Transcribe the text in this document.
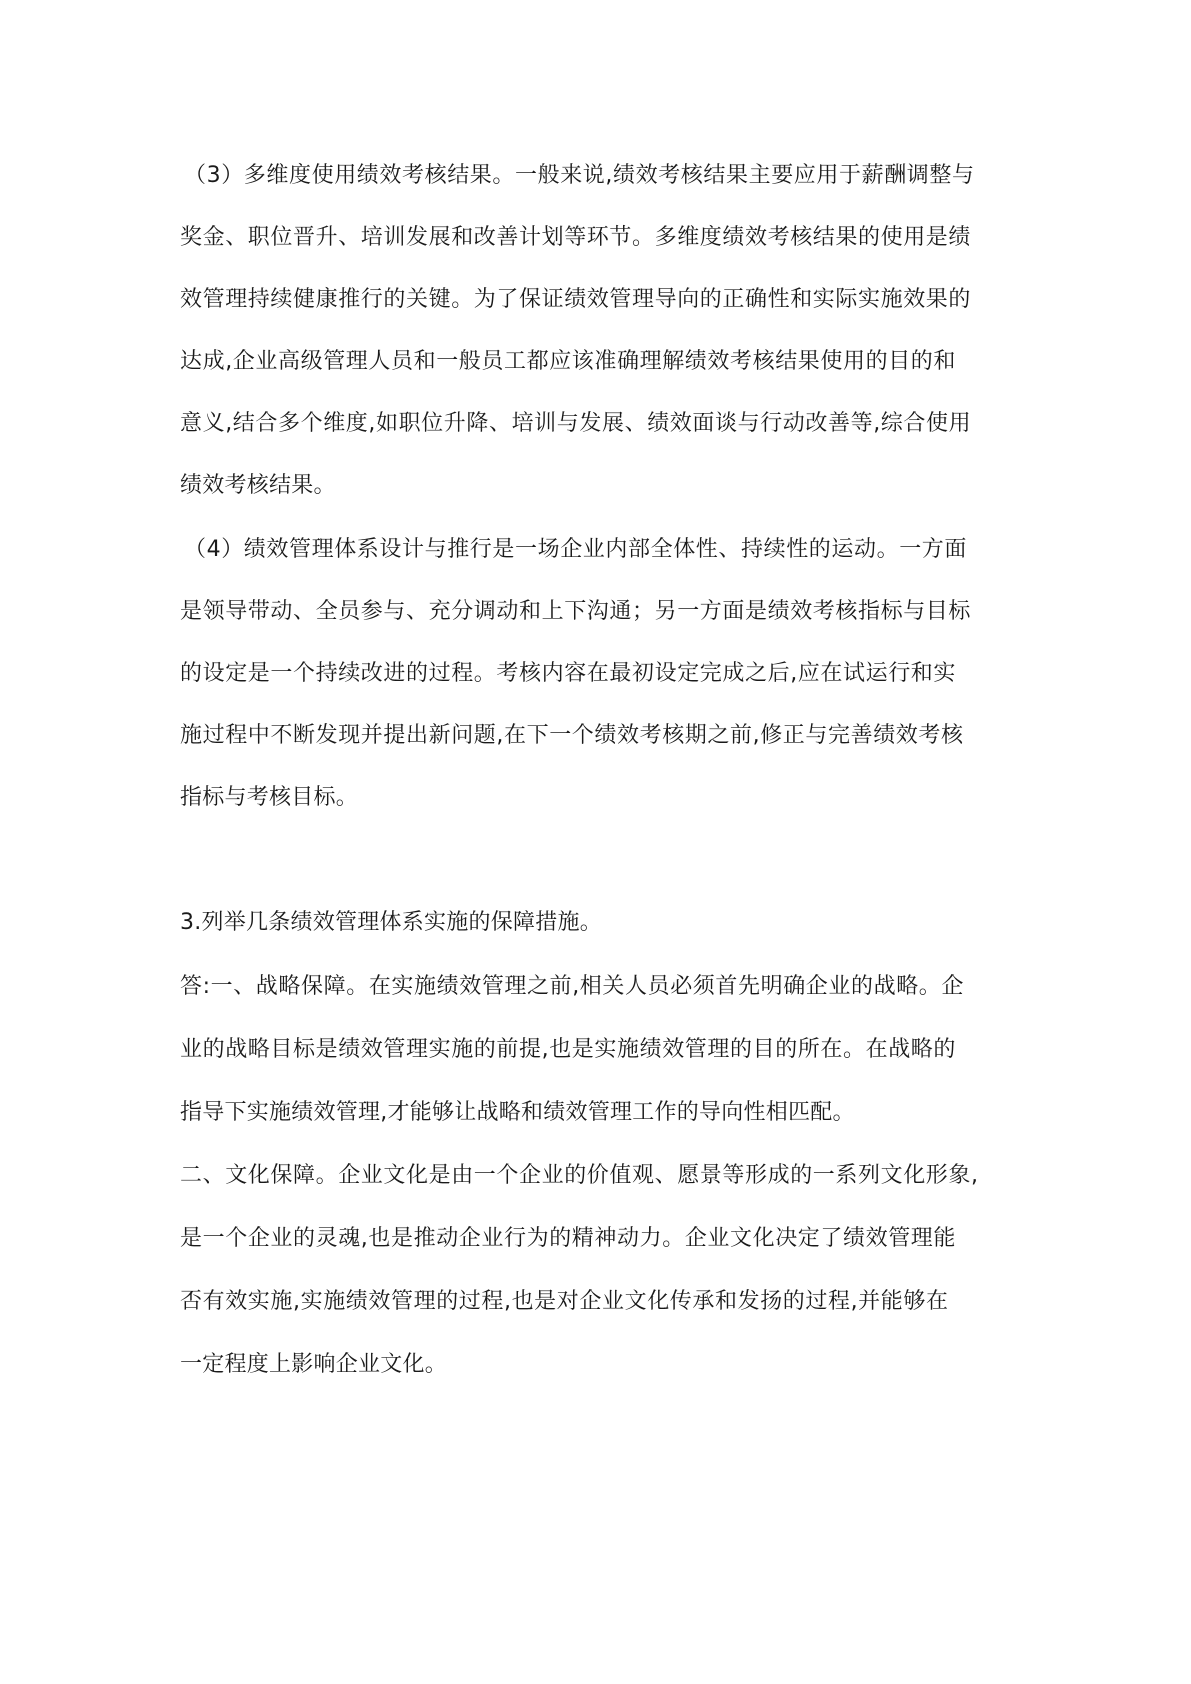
（3）多维度使用绩效考核结果。一般来说,绩效考核结果主要应用于薪酬调整与
奖金、职位晋升、培训发展和改善计划等环节。多维度绩效考核结果的使用是绩
效管理持续健康推行的关键。为了保证绩效管理导向的正确性和实际实施效果的
达成,企业高级管理人员和一般员工都应该准确理解绩效考核结果使用的目的和
意义,结合多个维度,如职位升降、培训与发展、绩效面谈与行动改善等,综合使用
绩效考核结果。
（4）绩效管理体系设计与推行是一场企业内部全体性、持续性的运动。一方面
是领导带动、全员参与、充分调动和上下沟通；另一方面是绩效考核指标与目标
的设定是一个持续改进的过程。考核内容在最初设定完成之后,应在试运行和实
施过程中不断发现并提出新问题,在下一个绩效考核期之前,修正与完善绩效考核
指标与考核目标。
3.列举几条绩效管理体系实施的保障措施。
答:一、战略保障。在实施绩效管理之前,相关人员必须首先明确企业的战略。企
业的战略目标是绩效管理实施的前提,也是实施绩效管理的目的所在。在战略的
指导下实施绩效管理,才能够让战略和绩效管理工作的导向性相匹配。
二、文化保障。企业文化是由一个企业的价值观、愿景等形成的一系列文化形象,
是一个企业的灵魂,也是推动企业行为的精神动力。企业文化决定了绩效管理能
否有效实施,实施绩效管理的过程,也是对企业文化传承和发扬的过程,并能够在
一定程度上影响企业文化。
